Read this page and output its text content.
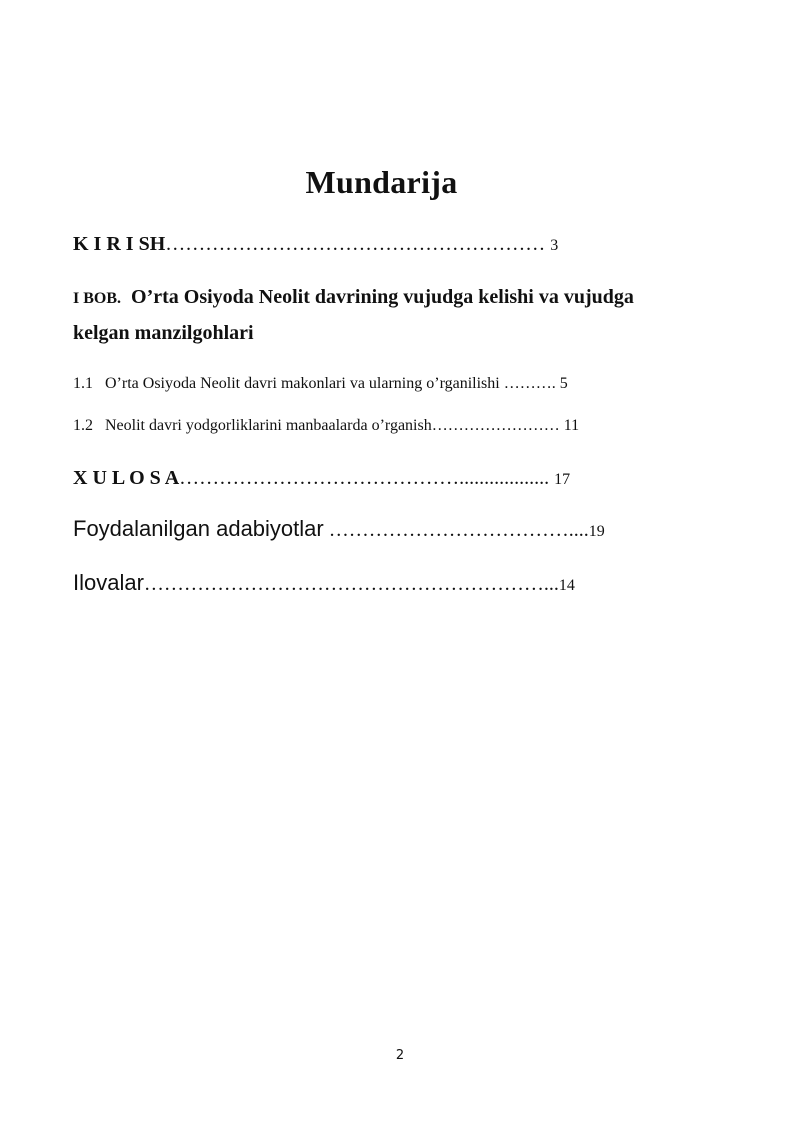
Mundarija
K I R I SH………………………………………………… 3
I BOB. O’rta Osiyoda Neolit davrining vujudga kelishi va vujudga
kelgan manzilgohlari
1.1 O’rta Osiyoda Neolit davri makonlari va ularning o’rganilishi ………. 5
1.2 Neolit davri yodgorliklarini manbaalarda o’rganish…………………… 11
X U L O S A…………………………………….................. 17
Foydalanilgan adabiyotlar ………………………………....19
Ilovalar……………………………………………………...14
2
